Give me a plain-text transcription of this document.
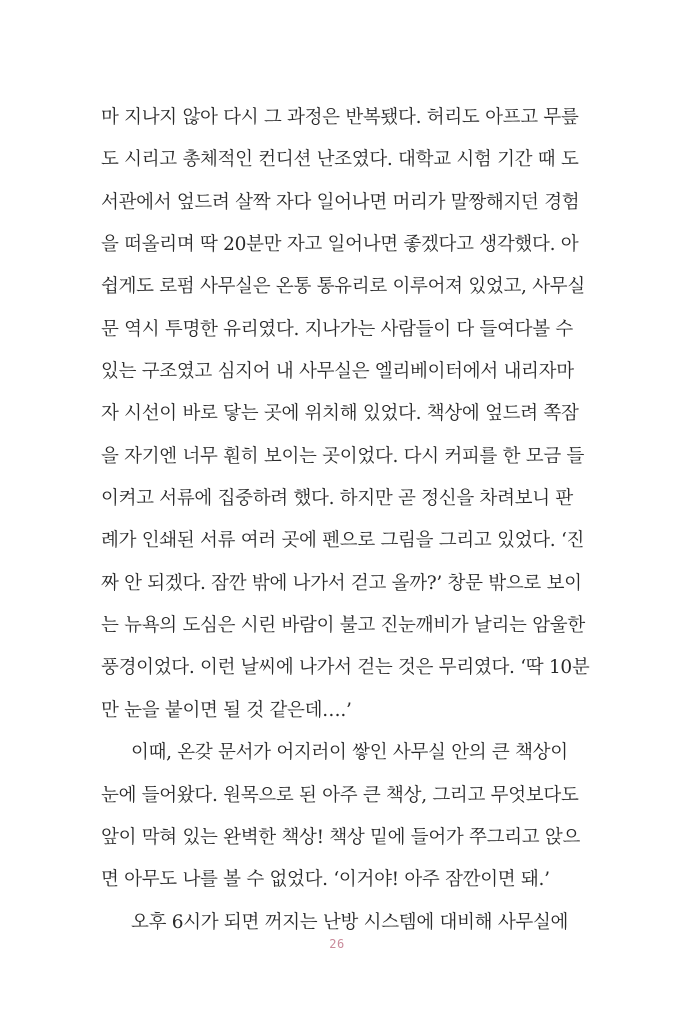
마 지나지 않아 다시 그 과정은 반복됐다. 허리도 아프고 무릎
도 시리고 총체적인 컨디션 난조였다. 대학교 시험 기간 때 도
서관에서 엎드려 살짝 자다 일어나면 머리가 말짱해지던 경험
을 떠올리며 딱 20분만 자고 일어나면 좋겠다고 생각했다. 아
쉽게도 로펌 사무실은 온통 통유리로 이루어져 있었고, 사무실
문 역시 투명한 유리였다. 지나가는 사람들이 다 들여다볼 수
있는 구조였고 심지어 내 사무실은 엘리베이터에서 내리자마
자 시선이 바로 닿는 곳에 위치해 있었다. 책상에 엎드려 쪽잠
을 자기엔 너무 훤히 보이는 곳이었다. 다시 커피를 한 모금 들
이켜고 서류에 집중하려 했다. 하지만 곧 정신을 차려보니 판
례가 인쇄된 서류 여러 곳에 펜으로 그림을 그리고 있었다. ‘진
짜 안 되겠다. 잠깐 밖에 나가서 걷고 올까?’ 창문 밖으로 보이
는 뉴욕의 도심은 시린 바람이 불고 진눈깨비가 날리는 암울한
풍경이었다. 이런 날씨에 나가서 걷는 것은 무리였다. ‘딱 10분
만 눈을 붙이면 될 것 같은데….’
이때, 온갖 문서가 어지러이 쌓인 사무실 안의 큰 책상이
눈에 들어왔다. 원목으로 된 아주 큰 책상, 그리고 무엇보다도
앞이 막혀 있는 완벽한 책상! 책상 밑에 들어가 쭈그리고 앉으
면 아무도 나를 볼 수 없었다. ‘이거야! 아주 잠깐이면 돼.’
오후 6시가 되면 꺼지는 난방 시스템에 대비해 사무실에
26
